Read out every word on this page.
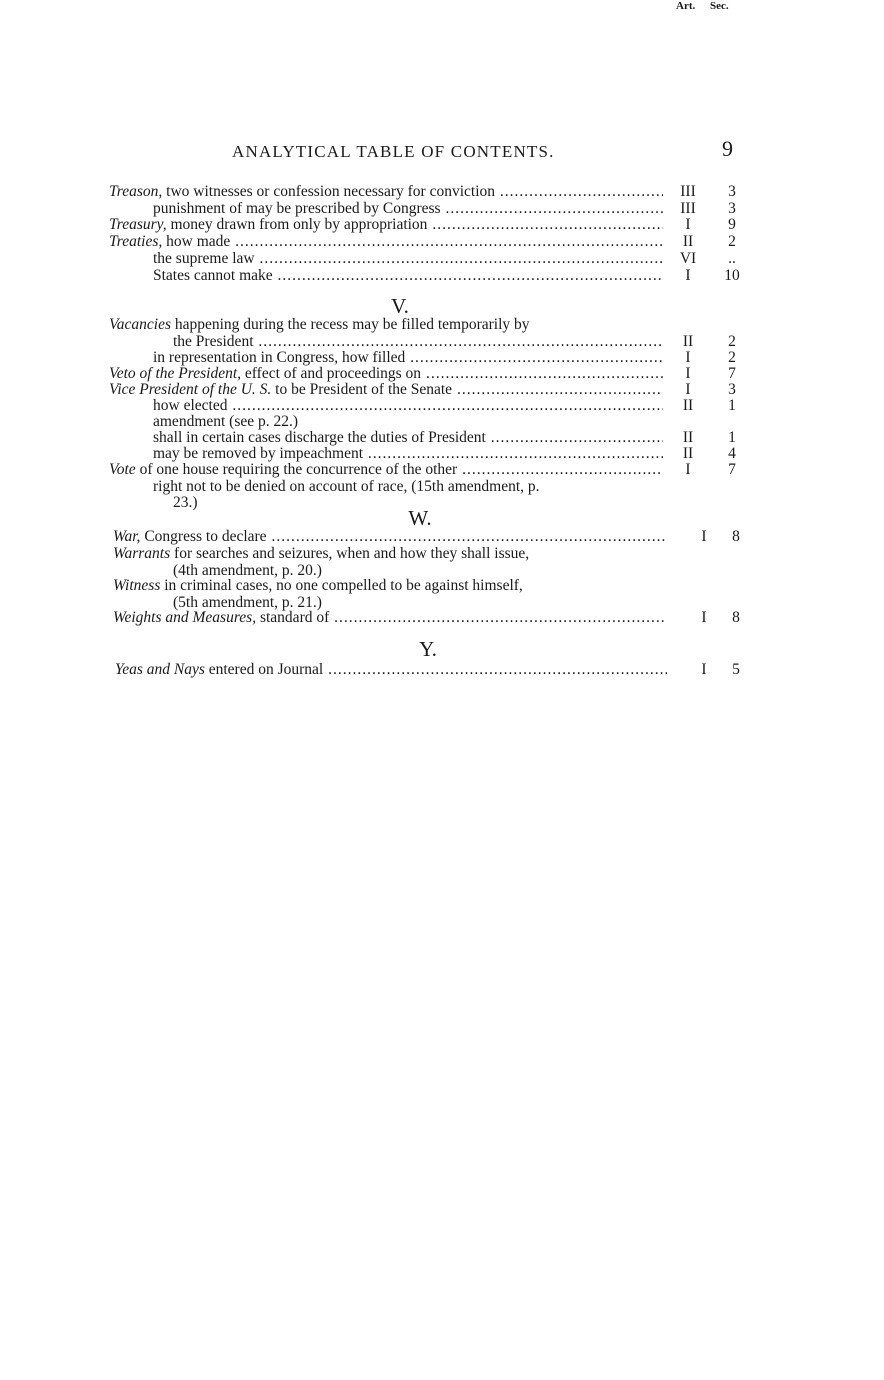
ANALYTICAL TABLE OF CONTENTS.	9
Art. Sec.
Treason, two witnesses or confession necessary for conviction .....	III	3
punishment of may be prescribed by Congress .....	III	3
Treasury, money drawn from only by appropriation .....	I	9
Treaties, how made .....	II	2
the supreme law .....	VI	..
States cannot make .....	I	10
V.
Vacancies happening during the recess may be filled temporarily by
the President .....	II	2
in representation in Congress, how filled .....	I	2
Veto of the President, effect of and proceedings on .....	I	7
Vice President of the U. S. to be President of the Senate .....	I	3
how elected .....	II	1
amendment (see p. 22.)
shall in certain cases discharge the duties of President .....	II	1
may be removed by impeachment .....	II	4
Vote of one house requiring the concurrence of the other .....	I	7
right not to be denied on account of race, (15th amendment, p.
23.)
W.
War, Congress to declare .....	I	8
Warrants for searches and seizures, when and how they shall issue,
(4th amendment, p. 20.)
Witness in criminal cases, no one compelled to be against himself,
(5th amendment, p. 21.)
Weights and Measures, standard of .....	I	8
Y.
Yeas and Nays entered on Journal .....	I	5
